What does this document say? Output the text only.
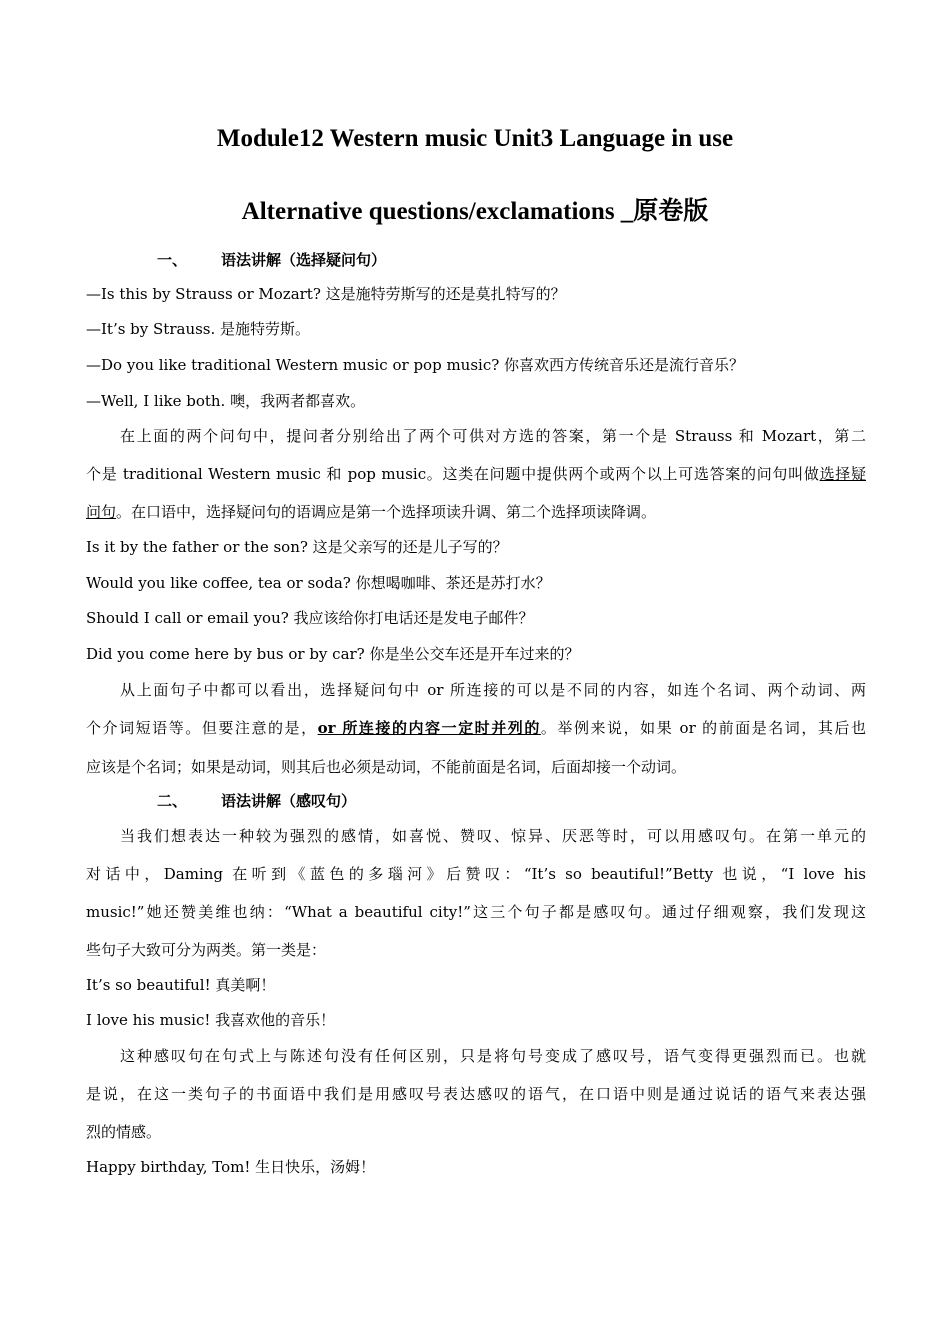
Module12 Western music Unit3 Language in use
Alternative questions/exclamations _原卷版
一、 语法讲解（选择疑问句）
—Is this by Strauss or Mozart? 这是施特劳斯写的还是莫扎特写的？
—It’s by Strauss. 是施特劳斯。
—Do you like traditional Western music or pop music? 你喜欢西方传统音乐还是流行音乐？
—Well, I like both. 噢，我两者都喜欢。
在上面的两个问句中，提问者分别给出了两个可供对方选的答案，第一个是 Strauss 和 Mozart，第二
个是 traditional Western music 和 pop music。这类在问题中提供两个或两个以上可选答案的问句叫做选择疑
问句。在口语中，选择疑问句的语调应是第一个选择项读升调、第二个选择项读降调。
Is it by the father or the son? 这是父亲写的还是儿子写的？
Would you like coffee, tea or soda? 你想喝咖啡、茶还是苏打水？
Should I call or email you? 我应该给你打电话还是发电子邮件？
Did you come here by bus or by car? 你是坐公交车还是开车过来的？
从上面句子中都可以看出，选择疑问句中 or 所连接的可以是不同的内容，如连个名词、两个动词、两
个介词短语等。但要注意的是，or 所连接的内容一定时并列的。举例来说，如果 or 的前面是名词，其后也
应该是个名词；如果是动词，则其后也必须是动词，不能前面是名词，后面却接一个动词。
二、 语法讲解（感叹句）
当我们想表达一种较为强烈的感情，如喜悦、赞叹、惊异、厌恶等时，可以用感叹句。在第一单元的
对话中，Daming 在听到《蓝色的多瑙河》后赞叹：“It’s so beautiful!”Betty 也说，“I love his
music!”她还赞美维也纳：“What a beautiful city!”这三个句子都是感叹句。通过仔细观察，我们发现这
些句子大致可分为两类。第一类是：
It’s so beautiful! 真美啊！
I love his music! 我喜欢他的音乐！
这种感叹句在句式上与陈述句没有任何区别，只是将句号变成了感叹号，语气变得更强烈而已。也就
是说，在这一类句子的书面语中我们是用感叹号表达感叹的语气，在口语中则是通过说话的语气来表达强
烈的情感。
Happy birthday, Tom! 生日快乐，汤姆！
